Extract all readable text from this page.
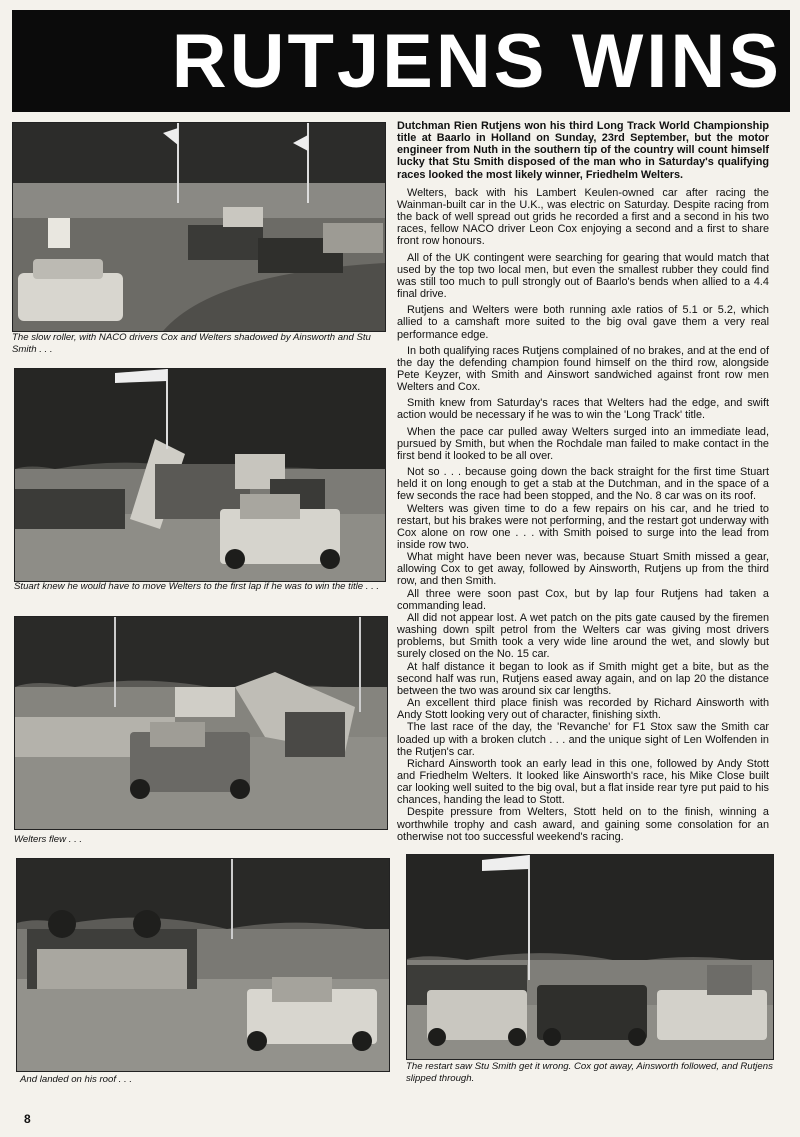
RUTJENS WINS
The slow roller, with NACO drivers Cox and Welters shadowed by Ainsworth and Stu Smith . . .
Stuart knew he would have to move Welters to the first lap if he was to win the title . . .
Welters flew . . .
And landed on his roof . . .
The restart saw Stu Smith get it wrong. Cox got away, Ainsworth followed, and Rutjens slipped through.

Dutchman Rien Rutjens won his third Long Track World Championship title at Baarlo in Holland on Sunday, 23rd September, but the motor engineer from Nuth in the southern tip of the country will count himself lucky that Stu Smith disposed of the man who in Saturday's qualifying races looked the most likely winner, Friedhelm Welters.

Welters, back with his Lambert Keulen-owned car after racing the Wainman-built car in the U.K., was electric on Saturday. Despite racing from the back of well spread out grids he recorded a first and a second in his two races, fellow NACO driver Leon Cox enjoying a second and a first to share front row honours.

All of the UK contingent were searching for gearing that would match that used by the top two local men, but even the smallest rubber they could find was still too much to pull strongly out of Baarlo's bends when allied to a 4.4 final drive.

Rutjens and Welters were both running axle ratios of 5.1 or 5.2, which allied to a camshaft more suited to the big oval gave them a very real performance edge.

In both qualifying races Rutjens complained of no brakes, and at the end of the day the defending champion found himself on the third row, alongside Pete Keyzer, with Smith and Ainswort sandwiched against front row men Welters and Cox.

Smith knew from Saturday's races that Welters had the edge, and swift action would be necessary if he was to win the 'Long Track' title.

When the pace car pulled away Welters surged into an immediate lead, pursued by Smith, but when the Rochdale man failed to make contact in the first bend it looked to be all over.

Not so . . . because going down the back straight for the first time Stuart held it on long enough to get a stab at the Dutchman, and in the space of a few seconds the race had been stopped, and the No. 8 car was on its roof.

Welters was given time to do a few repairs on his car, and he tried to restart, but his brakes were not performing, and the restart got underway with Cox alone on row one . . . with Smith poised to surge into the lead from inside row two.

What might have been never was, because Stuart Smith missed a gear, allowing Cox to get away, followed by Ainsworth, Rutjens up from the third row, and then Smith.

All three were soon past Cox, but by lap four Rutjens had taken a commanding lead.

All did not appear lost. A wet patch on the pits gate caused by the firemen washing down spilt petrol from the Welters car was giving most drivers problems, but Smith took a very wide line around the wet, and slowly but surely closed on the No. 15 car.

At half distance it began to look as if Smith might get a bite, but as the second half was run, Rutjens eased away again, and on lap 20 the distance between the two was around six car lengths.

An excellent third place finish was recorded by Richard Ainsworth with Andy Stott looking very out of character, finishing sixth.

The last race of the day, the 'Revanche' for F1 Stox saw the Smith car loaded up with a broken clutch . . . and the unique sight of Len Wolfenden in the Rutjen's car.

Richard Ainsworth took an early lead in this one, followed by Andy Stott and Friedhelm Welters. It looked like Ainsworth's race, his Mike Close built car looking well suited to the big oval, but a flat inside rear tyre put paid to his chances, handing the lead to Stott.

Despite pressure from Welters, Stott held on to the finish, winning a worthwhile trophy and cash award, and gaining some consolation for an otherwise not too successful weekend's racing.

8
